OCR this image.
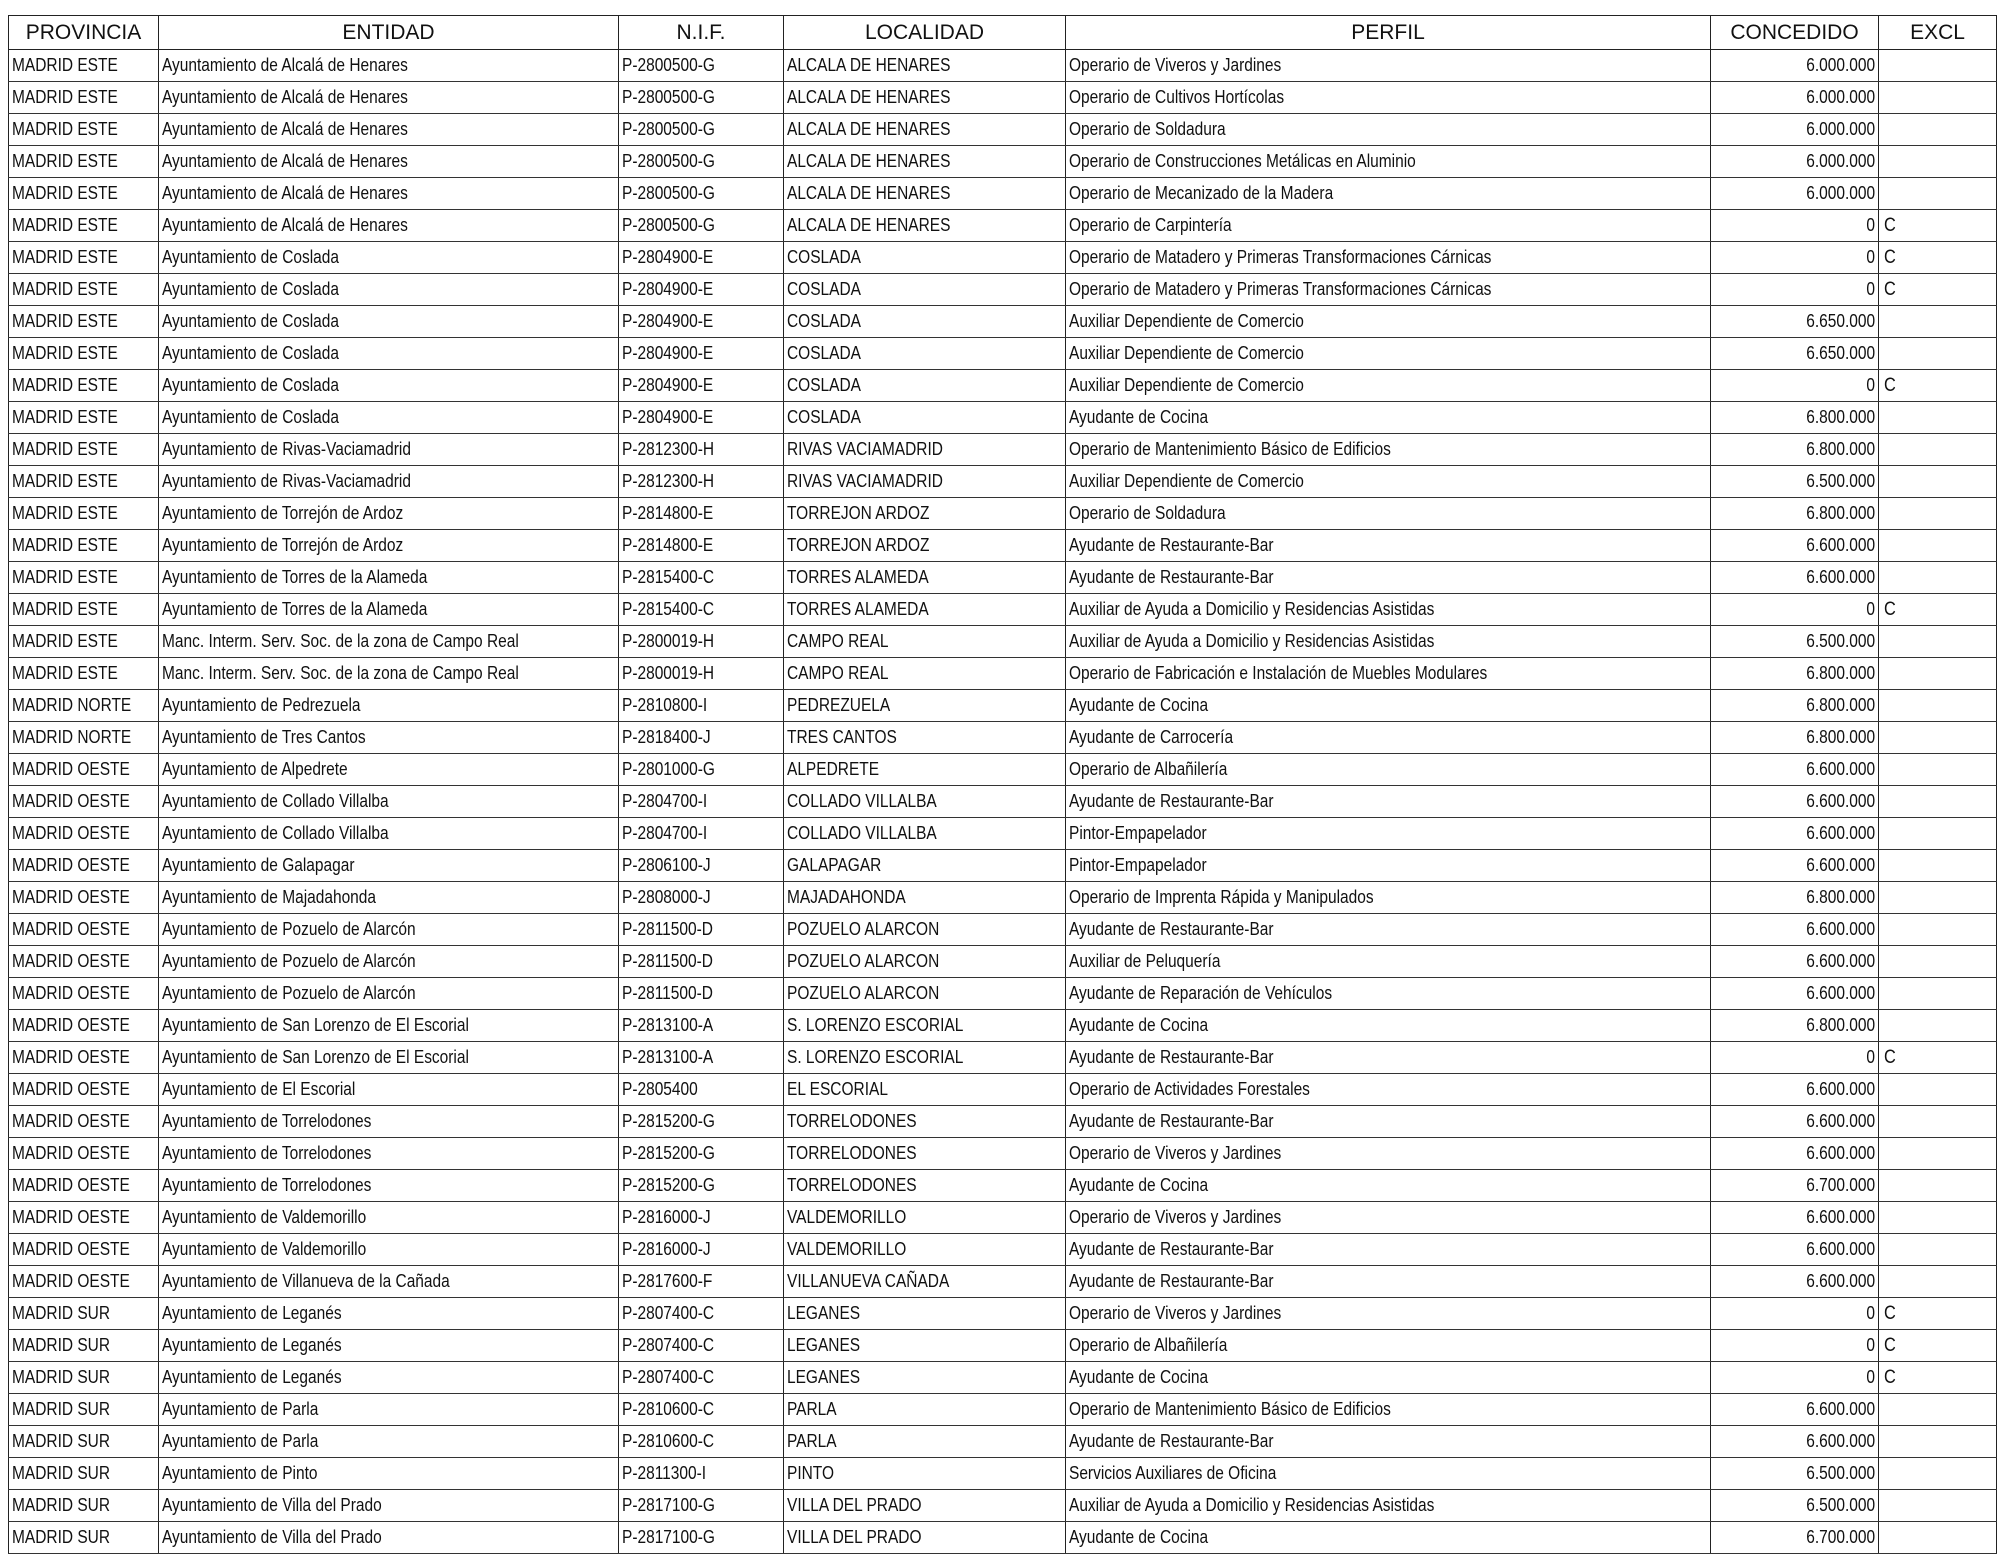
PROVINCIA	ENTIDAD	N.I.F.	LOCALIDAD	PERFIL	CONCEDIDO	EXCL
MADRID ESTE	Ayuntamiento de Alcalá de Henares	P-2800500-G	ALCALA DE HENARES	Operario de Viveros y Jardines	6.000.000	
MADRID ESTE	Ayuntamiento de Alcalá de Henares	P-2800500-G	ALCALA DE HENARES	Operario de Cultivos Hortícolas	6.000.000	
MADRID ESTE	Ayuntamiento de Alcalá de Henares	P-2800500-G	ALCALA DE HENARES	Operario de Soldadura	6.000.000	
MADRID ESTE	Ayuntamiento de Alcalá de Henares	P-2800500-G	ALCALA DE HENARES	Operario de Construcciones Metálicas en Aluminio	6.000.000	
MADRID ESTE	Ayuntamiento de Alcalá de Henares	P-2800500-G	ALCALA DE HENARES	Operario de Mecanizado de la Madera	6.000.000	
MADRID ESTE	Ayuntamiento de Alcalá de Henares	P-2800500-G	ALCALA DE HENARES	Operario de Carpintería	0	C
MADRID ESTE	Ayuntamiento de Coslada	P-2804900-E	COSLADA	Operario de Matadero y Primeras Transformaciones Cárnicas	0	C
MADRID ESTE	Ayuntamiento de Coslada	P-2804900-E	COSLADA	Operario de Matadero y Primeras Transformaciones Cárnicas	0	C
MADRID ESTE	Ayuntamiento de Coslada	P-2804900-E	COSLADA	Auxiliar Dependiente de Comercio	6.650.000	
MADRID ESTE	Ayuntamiento de Coslada	P-2804900-E	COSLADA	Auxiliar Dependiente de Comercio	6.650.000	
MADRID ESTE	Ayuntamiento de Coslada	P-2804900-E	COSLADA	Auxiliar Dependiente de Comercio	0	C
MADRID ESTE	Ayuntamiento de Coslada	P-2804900-E	COSLADA	Ayudante de Cocina	6.800.000	
MADRID ESTE	Ayuntamiento de Rivas-Vaciamadrid	P-2812300-H	RIVAS VACIAMADRID	Operario de Mantenimiento Básico de Edificios	6.800.000	
MADRID ESTE	Ayuntamiento de Rivas-Vaciamadrid	P-2812300-H	RIVAS VACIAMADRID	Auxiliar Dependiente de Comercio	6.500.000	
MADRID ESTE	Ayuntamiento de Torrejón de Ardoz	P-2814800-E	TORREJON ARDOZ	Operario de Soldadura	6.800.000	
MADRID ESTE	Ayuntamiento de Torrejón de Ardoz	P-2814800-E	TORREJON ARDOZ	Ayudante de Restaurante-Bar	6.600.000	
MADRID ESTE	Ayuntamiento de Torres de la Alameda	P-2815400-C	TORRES ALAMEDA	Ayudante de Restaurante-Bar	6.600.000	
MADRID ESTE	Ayuntamiento de Torres de la Alameda	P-2815400-C	TORRES ALAMEDA	Auxiliar de Ayuda a Domicilio y Residencias Asistidas	0	C
MADRID ESTE	Manc. Interm. Serv. Soc. de la zona de Campo Real	P-2800019-H	CAMPO REAL	Auxiliar de Ayuda a Domicilio y Residencias Asistidas	6.500.000	
MADRID ESTE	Manc. Interm. Serv. Soc. de la zona de Campo Real	P-2800019-H	CAMPO REAL	Operario de Fabricación e Instalación de Muebles Modulares	6.800.000	
MADRID NORTE	Ayuntamiento de Pedrezuela	P-2810800-I	PEDREZUELA	Ayudante de Cocina	6.800.000	
MADRID NORTE	Ayuntamiento de Tres Cantos	P-2818400-J	TRES CANTOS	Ayudante de Carrocería	6.800.000	
MADRID OESTE	Ayuntamiento de Alpedrete	P-2801000-G	ALPEDRETE	Operario de Albañilería	6.600.000	
MADRID OESTE	Ayuntamiento de Collado Villalba	P-2804700-I	COLLADO VILLALBA	Ayudante de Restaurante-Bar	6.600.000	
MADRID OESTE	Ayuntamiento de Collado Villalba	P-2804700-I	COLLADO VILLALBA	Pintor-Empapelador	6.600.000	
MADRID OESTE	Ayuntamiento de Galapagar	P-2806100-J	GALAPAGAR	Pintor-Empapelador	6.600.000	
MADRID OESTE	Ayuntamiento de Majadahonda	P-2808000-J	MAJADAHONDA	Operario de Imprenta Rápida y Manipulados	6.800.000	
MADRID OESTE	Ayuntamiento de Pozuelo de Alarcón	P-2811500-D	POZUELO ALARCON	Ayudante de Restaurante-Bar	6.600.000	
MADRID OESTE	Ayuntamiento de Pozuelo de Alarcón	P-2811500-D	POZUELO ALARCON	Auxiliar de Peluquería	6.600.000	
MADRID OESTE	Ayuntamiento de Pozuelo de Alarcón	P-2811500-D	POZUELO ALARCON	Ayudante de Reparación de Vehículos	6.600.000	
MADRID OESTE	Ayuntamiento de San Lorenzo de El Escorial	P-2813100-A	S. LORENZO ESCORIAL	Ayudante de Cocina	6.800.000	
MADRID OESTE	Ayuntamiento de San Lorenzo de El Escorial	P-2813100-A	S. LORENZO ESCORIAL	Ayudante de Restaurante-Bar	0	C
MADRID OESTE	Ayuntamiento de El Escorial	P-2805400	EL ESCORIAL	Operario de Actividades Forestales	6.600.000	
MADRID OESTE	Ayuntamiento de Torrelodones	P-2815200-G	TORRELODONES	Ayudante de Restaurante-Bar	6.600.000	
MADRID OESTE	Ayuntamiento de Torrelodones	P-2815200-G	TORRELODONES	Operario de Viveros y Jardines	6.600.000	
MADRID OESTE	Ayuntamiento de Torrelodones	P-2815200-G	TORRELODONES	Ayudante de Cocina	6.700.000	
MADRID OESTE	Ayuntamiento de Valdemorillo	P-2816000-J	VALDEMORILLO	Operario de Viveros y Jardines	6.600.000	
MADRID OESTE	Ayuntamiento de Valdemorillo	P-2816000-J	VALDEMORILLO	Ayudante de Restaurante-Bar	6.600.000	
MADRID OESTE	Ayuntamiento de Villanueva de la Cañada	P-2817600-F	VILLANUEVA CAÑADA	Ayudante de Restaurante-Bar	6.600.000	
MADRID SUR	Ayuntamiento de Leganés	P-2807400-C	LEGANES	Operario de Viveros y Jardines	0	C
MADRID SUR	Ayuntamiento de Leganés	P-2807400-C	LEGANES	Operario de Albañilería	0	C
MADRID SUR	Ayuntamiento de Leganés	P-2807400-C	LEGANES	Ayudante de Cocina	0	C
MADRID SUR	Ayuntamiento de Parla	P-2810600-C	PARLA	Operario de Mantenimiento Básico de Edificios	6.600.000	
MADRID SUR	Ayuntamiento de Parla	P-2810600-C	PARLA	Ayudante de Restaurante-Bar	6.600.000	
MADRID SUR	Ayuntamiento de Pinto	P-2811300-I	PINTO	Servicios Auxiliares de Oficina	6.500.000	
MADRID SUR	Ayuntamiento de Villa del Prado	P-2817100-G	VILLA DEL PRADO	Auxiliar de Ayuda a Domicilio y Residencias Asistidas	6.500.000	
MADRID SUR	Ayuntamiento de Villa del Prado	P-2817100-G	VILLA DEL PRADO	Ayudante de Cocina	6.700.000	
